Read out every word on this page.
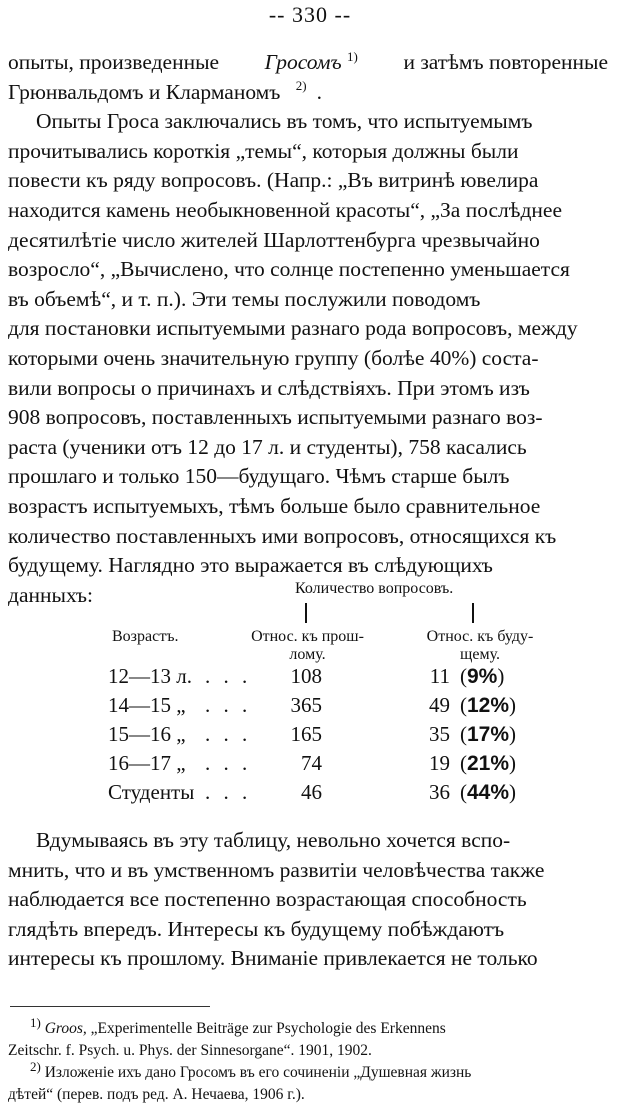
-- 330 --
опыты, произведенные Гросомъ $^{1)}$ и затѣмъ повторенные
Грюнвальдомъ и Кларманомъ $^{2)}$ .
Опыты Гроса заключались въ томъ, что испытуемымъ
прочитывались короткія „темы“, которыя должны были
повести къ ряду вопросовъ. (Напр.: „Въ витринѣ ювелира
находится камень необыкновенной красоты“, „За послѣднее
десятилѣтіе число жителей Шарлоттенбурга чрезвычайно
возросло“, „Вычислено, что солнце постепенно уменьшается
въ объемѣ“, и т. п.). Эти темы послужили поводомъ
для постановки испытуемыми разнаго рода вопросовъ, между
которыми очень значительную группу (болѣе 40%) соста-
вили вопросы о причинахъ и слѣдствіяхъ. При этомъ изъ
908 вопросовъ, поставленныхъ испытуемыми разнаго воз-
раста (ученики отъ 12 до 17 л. и студенты), 758 касались
прошлаго и только 150—будущаго. Чѣмъ старше былъ
возрастъ испытуемыхъ, тѣмъ больше было сравнительное
количество поставленныхъ ими вопросовъ, относящихся къ
будущему. Наглядно это выражается въ слѣдующихъ
данныхъ:	Количество вопросовъ.
Возрастъ.	Относ. къ прош-
лому.
Относ. къ буду-
щему.
12—13 л. . . .	108	11 (9%)
14—15 „ . . .	365	49 (12%)
15—16 „ . . .	165	35 (17%)
16—17 „ . . .	74	19 (21%)
Студенты . . .	46	36 (44%)
Вдумываясь въ эту таблицу, невольно хочется вспо-
мнить, что и въ умственномъ развитіи человѣчества также
наблюдается все постепенно возрастающая способность
глядѣть впередъ. Интересы къ будущему побѣждаютъ
интересы къ прошлому. Вниманіе привлекается не только
$^{1)}$ Groos, „Experimentelle Beiträge zur Psychologie des Erkennens
Zeitschr. f. Psych. u. Phys. der Sinnesorgane“. 1901, 1902.
$^{2)}$ Изложеніе ихъ дано Гросомъ въ его сочиненіи „Душевная жизнь
дѣтей“ (перев. подъ ред. А. Нечаева, 1906 г.).
